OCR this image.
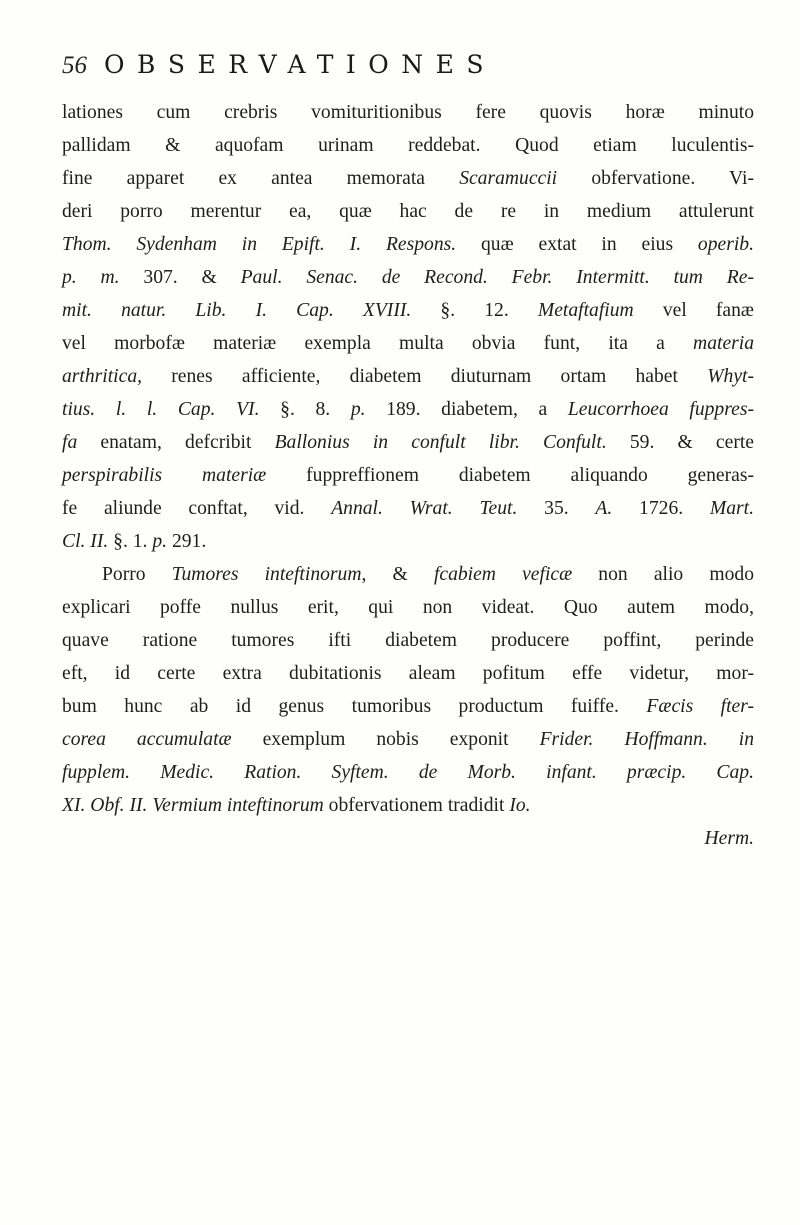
56 OBSERVATIONES
lationes cum crebris vomituritionibus fere quovis horæ minuto
pallidam & aquofam urinam reddebat. Quod etiam luculentis-
fine apparet ex antea memorata Scaramuccii obfervatione. Vi-
deri porro merentur ea, quæ hac de re in medium attulerunt
Thom. Sydenham in Epift. I. Respons. quæ extat in eius operib.
p. m. 307. & Paul. Senac. de Recond. Febr. Intermitt. tum Re-
mit. natur. Lib. I. Cap. XVIII. §. 12. Metaftafium vel fanæ
vel morbofæ materiæ exempla multa obvia funt, ita a materia
arthritica, renes afficiente, diabetem diuturnam ortam habet Whyt-
tius. l. l. Cap. VI. §. 8. p. 189. diabetem, a Leucorrhoea fuppres-
fa enatam, defcribit Ballonius in confult libr. Confult. 59. & certe
perspirabilis materiæ fuppreffionem diabetem aliquando generas-
fe aliunde conftat, vid. Annal. Wrat. Teut. 35. A. 1726. Mart.
Cl. II. §. 1. p. 291.
Porro Tumores inteftinorum, & fcabiem veficæ non alio modo
explicari poffe nullus erit, qui non videat. Quo autem modo,
quave ratione tumores ifti diabetem producere poffint, perinde
eft, id certe extra dubitationis aleam pofitum effe videtur, mor-
bum hunc ab id genus tumoribus productum fuiffe. Fæcis fter-
corea accumulatæ exemplum nobis exponit Frider. Hoffmann. in
fupplem. Medic. Ration. Syftem. de Morb. infant. præcip. Cap.
XI. Obf. II. Vermium inteftinorum obfervationem tradidit Io.
Herm.
